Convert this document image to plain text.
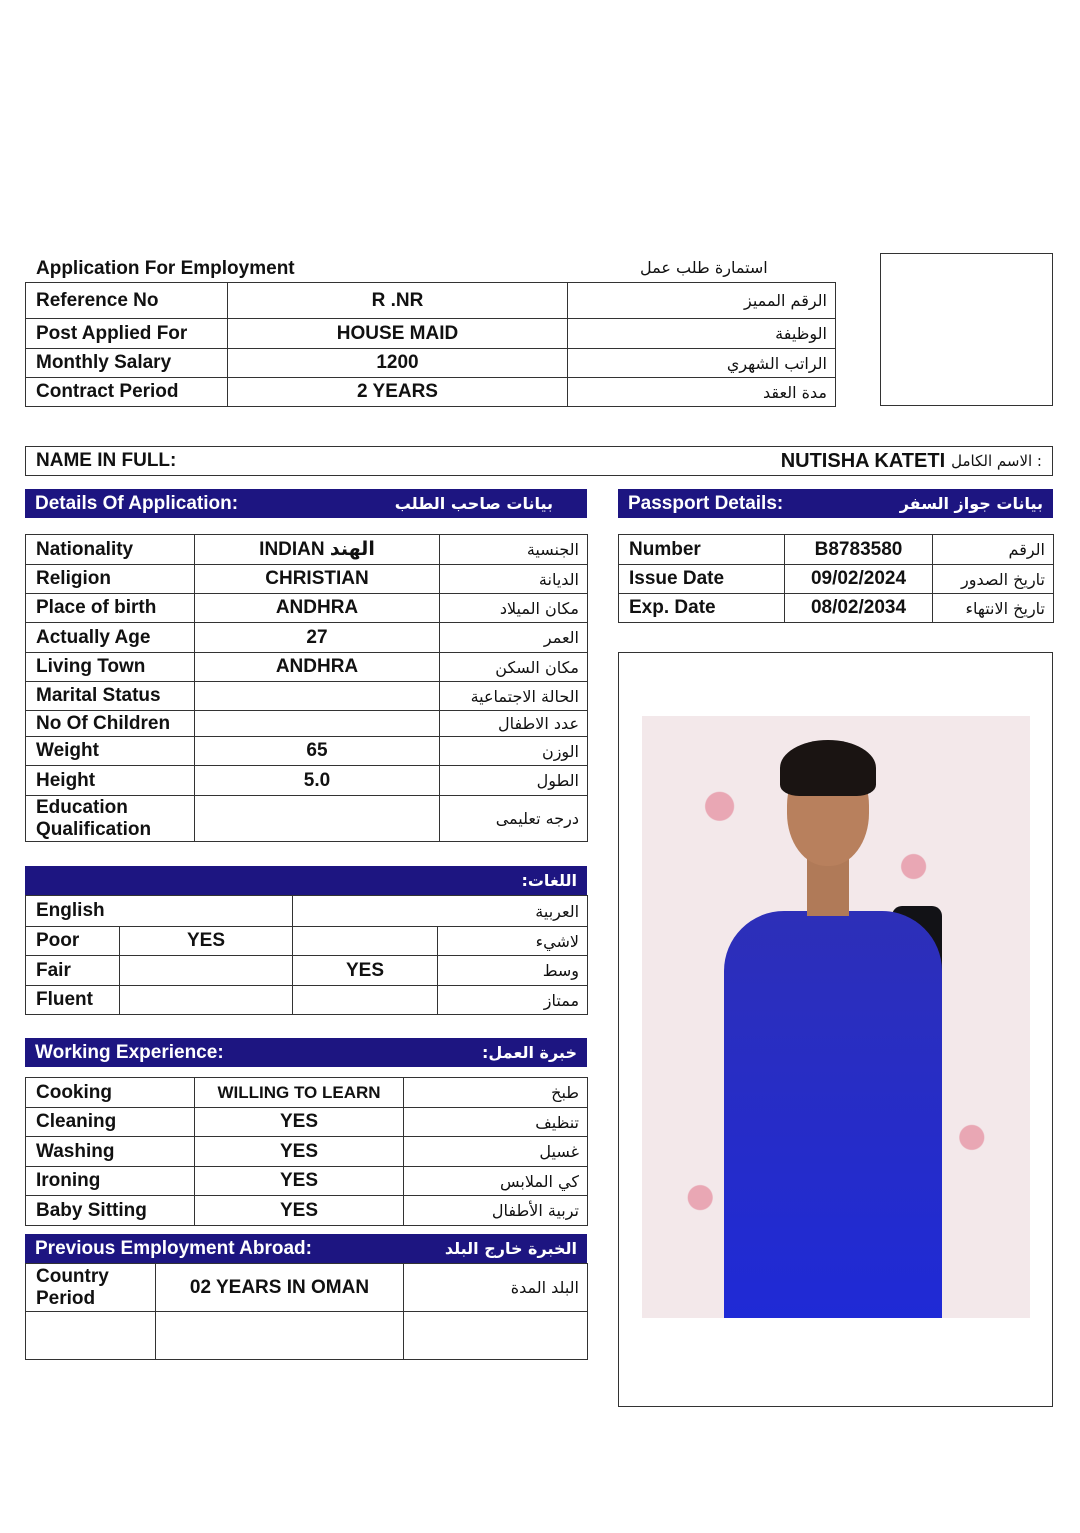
Application For Employment	استمارة طلب عمل
Reference No	R .NR	الرقم المميز
Post Applied For	HOUSE MAID	الوظيفة
Monthly Salary	1200	الراتب الشهري
Contract Period	2 YEARS	مدة العقد
NAME IN FULL:	NUTISHA KATETI : الاسم الكامل
Details Of Application:	بيانات صاحب الطلب	Passport Details:	بيانات جواز السفر
Nationality	INDIAN الهند	الجنسية
Religion	CHRISTIAN	الديانة
Place of birth	ANDHRA	مكان الميلاد
Actually Age	27	العمر
Living Town	ANDHRA	مكان السكن
Marital Status		الحالة الاجتماعية
No Of Children		عدد الاطفال
Weight	65	الوزن
Height	5.0	الطول
Education Qualification		درجه تعليمى
Number	B8783580	الرقم
Issue Date	09/02/2024	تاريخ الصدور
Exp. Date	08/02/2034	تاريخ الانتهاء
اللغات:
English		العربية	
Poor	YES		لاشيء
Fair		YES	وسط
Fluent			ممتاز
Working Experience:	خبرة العمل:
Cooking	WILLING TO LEARN	طبخ
Cleaning	YES	تنظيف
Washing	YES	غسيل
Ironing	YES	كي الملابس
Baby Sitting	YES	تربية الأطفال
Previous Employment Abroad:	الخبرة خارج البلد
Country Period	02 YEARS IN OMAN	البلد المدة
